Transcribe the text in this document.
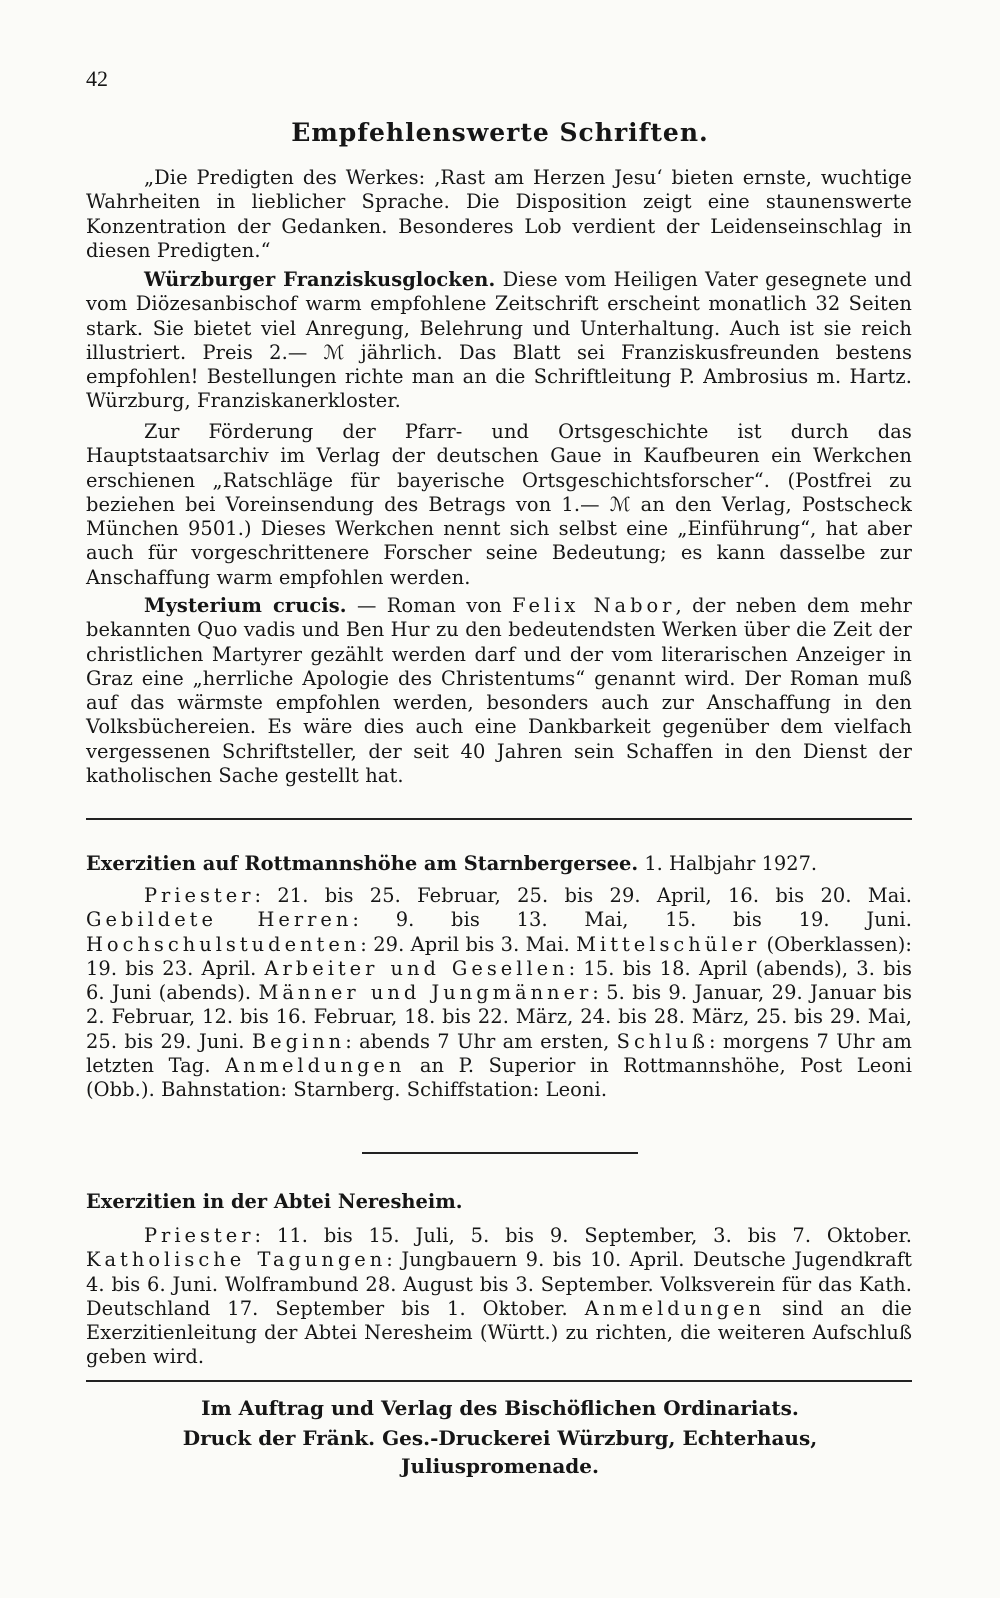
42
Empfehlenswerte Schriften.
„Die Predigten des Werkes: ‚Rast am Herzen Jesu‘ bieten ernste, wuchtige Wahrheiten in lieblicher Sprache. Die Disposition zeigt eine staunenswerte Konzentration der Gedanken. Besonderes Lob verdient der Leidenseinschlag in diesen Predigten.“
Würzburger Franziskusglocken. Diese vom Heiligen Vater gesegnete und vom Diözesanbischof warm empfohlene Zeitschrift erscheint monatlich 32 Seiten stark. Sie bietet viel Anregung, Belehrung und Unterhaltung. Auch ist sie reich illustriert. Preis 2.— ℳ jährlich. Das Blatt sei Franziskusfreunden bestens empfohlen! Bestellungen richte man an die Schriftleitung P. Ambrosius m. Hartz. Würzburg, Franziskanerkloster.
Zur Förderung der Pfarr- und Ortsgeschichte ist durch das Hauptstaatsarchiv im Verlag der deutschen Gaue in Kaufbeuren ein Werkchen erschienen „Ratschläge für bayerische Ortsgeschichtsforscher“. (Postfrei zu beziehen bei Voreinsendung des Betrags von 1.— ℳ an den Verlag, Postscheck München 9501.) Dieses Werkchen nennt sich selbst eine „Einführung“, hat aber auch für vorgeschrittenere Forscher seine Bedeutung; es kann dasselbe zur Anschaffung warm empfohlen werden.
Mysterium crucis. — Roman von Felix Nabor, der neben dem mehr bekannten Quo vadis und Ben Hur zu den bedeutendsten Werken über die Zeit der christlichen Martyrer gezählt werden darf und der vom literarischen Anzeiger in Graz eine „herrliche Apologie des Christentums“ genannt wird. Der Roman muß auf das wärmste empfohlen werden, besonders auch zur Anschaffung in den Volksbüchereien. Es wäre dies auch eine Dankbarkeit gegenüber dem vielfach vergessenen Schriftsteller, der seit 40 Jahren sein Schaffen in den Dienst der katholischen Sache gestellt hat.
Exerzitien auf Rottmannshöhe am Starnbergersee. 1. Halbjahr 1927.
Priester: 21. bis 25. Februar, 25. bis 29. April, 16. bis 20. Mai. Gebildete Herren: 9. bis 13. Mai, 15. bis 19. Juni. Hochschulstudenten: 29. April bis 3. Mai. Mittelschüler (Oberklassen): 19. bis 23. April. Arbeiter und Gesellen: 15. bis 18. April (abends), 3. bis 6. Juni (abends). Männer und Jungmänner: 5. bis 9. Januar, 29. Januar bis 2. Februar, 12. bis 16. Februar, 18. bis 22. März, 24. bis 28. März, 25. bis 29. Mai, 25. bis 29. Juni. Beginn: abends 7 Uhr am ersten, Schluß: morgens 7 Uhr am letzten Tag. Anmeldungen an P. Superior in Rottmannshöhe, Post Leoni (Obb.). Bahnstation: Starnberg. Schiffstation: Leoni.
Exerzitien in der Abtei Neresheim.
Priester: 11. bis 15. Juli, 5. bis 9. September, 3. bis 7. Oktober. Katholische Tagungen: Jungbauern 9. bis 10. April. Deutsche Jugendkraft 4. bis 6. Juni. Wolframbund 28. August bis 3. September. Volksverein für das Kath. Deutschland 17. September bis 1. Oktober. Anmeldungen sind an die Exerzitienleitung der Abtei Neresheim (Württ.) zu richten, die weiteren Aufschluß geben wird.
Im Auftrag und Verlag des Bischöflichen Ordinariats.
Druck der Fränk. Ges.-Druckerei Würzburg, Echterhaus, Juliuspromenade.
